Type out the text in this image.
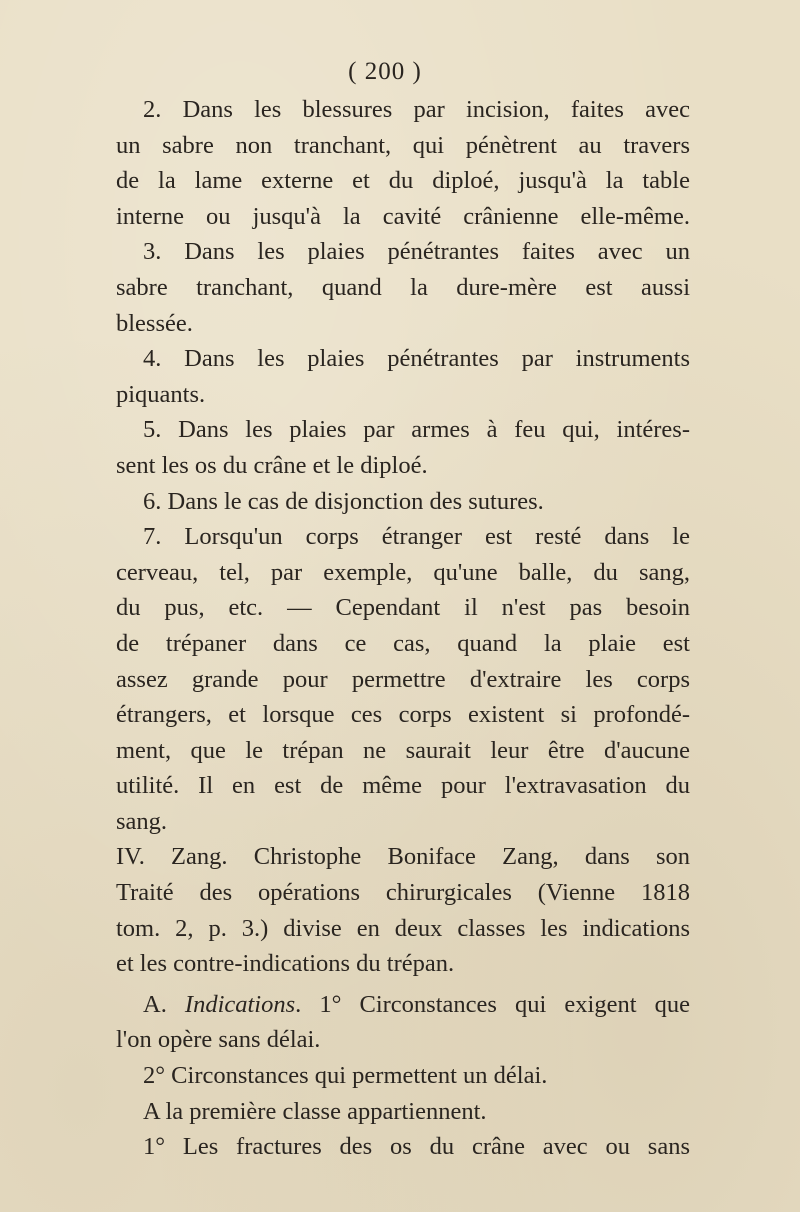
( 200 )
2. Dans les blessures par incision, faites avec
un sabre non tranchant, qui pénètrent au travers
de la lame externe et du diploé, jusqu'à la table
interne ou jusqu'à la cavité crânienne elle-même.
3. Dans les plaies pénétrantes faites avec un
sabre tranchant, quand la dure-mère est aussi
blessée.
4. Dans les plaies pénétrantes par instruments
piquants.
5. Dans les plaies par armes à feu qui, intéres-
sent les os du crâne et le diploé.
6. Dans le cas de disjonction des sutures.
7. Lorsqu'un corps étranger est resté dans le
cerveau, tel, par exemple, qu'une balle, du sang,
du pus, etc. — Cependant il n'est pas besoin
de trépaner dans ce cas, quand la plaie est
assez grande pour permettre d'extraire les corps
étrangers, et lorsque ces corps existent si profondé-
ment, que le trépan ne saurait leur être d'aucune
utilité. Il en est de même pour l'extravasation du
sang.
IV. Zang. Christophe Boniface Zang, dans son
Traité des opérations chirurgicales (Vienne 1818
tom. 2, p. 3.) divise en deux classes les indications
et les contre-indications du trépan.
A. Indications. 1° Circonstances qui exigent que
l'on opère sans délai.
2° Circonstances qui permettent un délai.
A la première classe appartiennent.
1° Les fractures des os du crâne avec ou sans
